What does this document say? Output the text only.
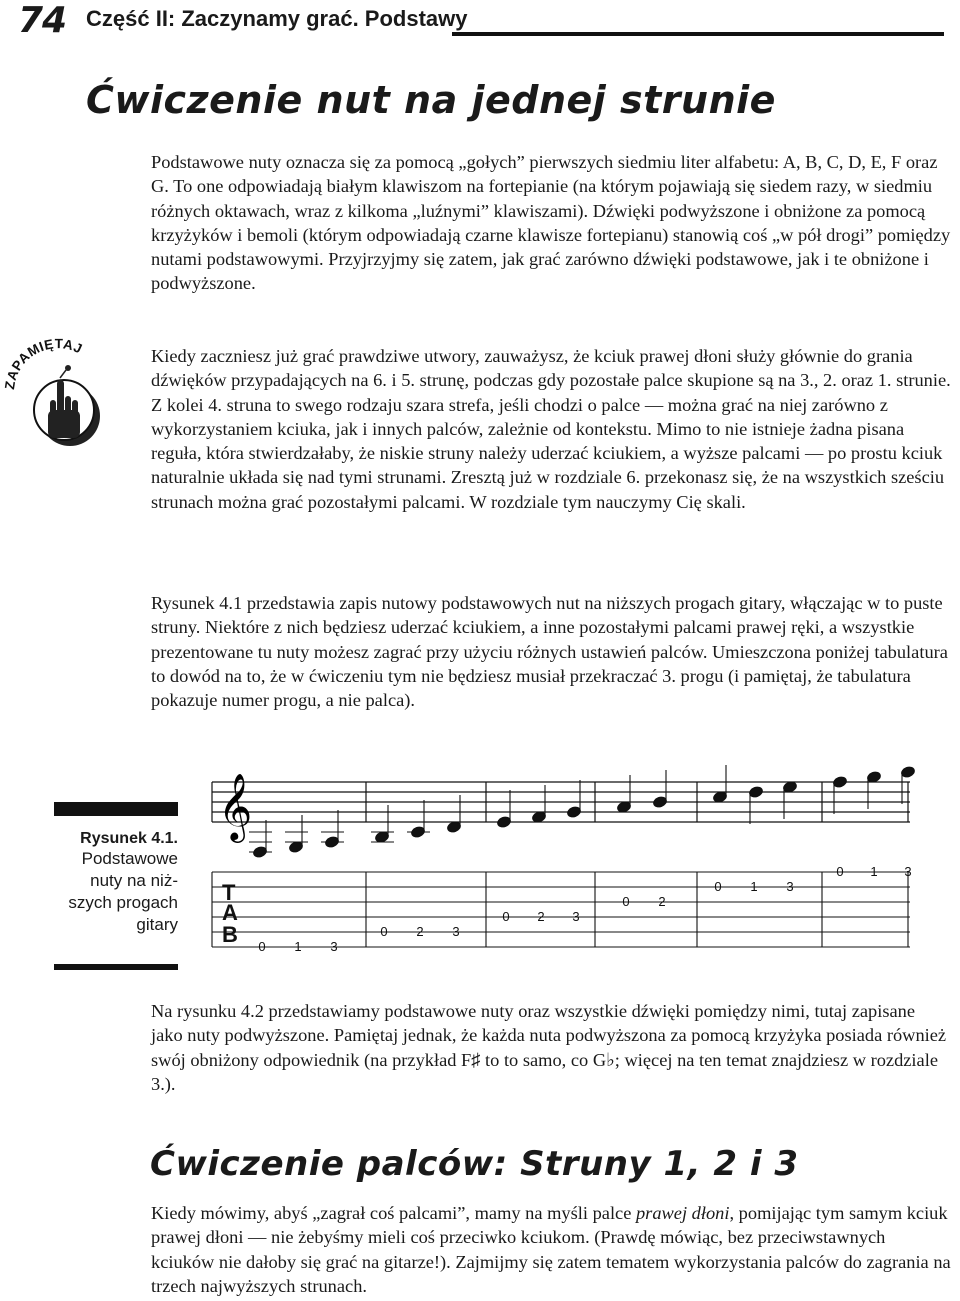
74 Część II: Zaczynamy grać. Podstawy
Ćwiczenie nut na jednej strunie

Podstawowe nuty oznacza się za pomocą „gołych” pierwszych siedmiu liter alfabetu: A, B, C, D, E, F oraz G. To one odpowiadają białym klawiszom na fortepianie (na którym pojawiają się siedem razy, w siedmiu różnych oktawach, wraz z kilkoma „luźnymi” klawiszami). Dźwięki podwyższone i obniżone za pomocą krzyżyków i bemoli (którym odpowiadają czarne klawisze fortepianu) stanowią coś „w pół drogi” pomiędzy nutami podstawowymi. Przyjrzyjmy się zatem, jak grać zarówno dźwięki podstawowe, jak i te obniżone i podwyższone.

ZAPAMIĘTAJ	Kiedy zaczniesz już grać prawdziwe utwory, zauważysz, że kciuk prawej dłoni służy głównie do grania dźwięków przypadających na 6. i 5. strunę, podczas gdy pozostałe palce skupione są na 3., 2. oraz 1. strunie. Z kolei 4. struna to swego rodzaju szara strefa, jeśli chodzi o palce — można grać na niej zarówno z wykorzystaniem kciuka, jak i innych palców, zależnie od kontekstu. Mimo to nie istnieje żadna pisana reguła, która stwierdzałaby, że niskie struny należy uderzać kciukiem, a wyższe palcami — po prostu kciuk naturalnie układa się nad tymi strunami. Zresztą już w rozdziale 6. przekonasz się, że na wszystkich sześciu strunach można grać pozostałymi palcami. W rozdziale tym nauczymy Cię skali.

Rysunek 4.1 przedstawia zapis nutowy podstawowych nut na niższych progach gitary, włączając w to puste struny. Niektóre z nich będziesz uderzać kciukiem, a inne pozostałymi palcami prawej ręki, a wszystkie prezentowane tu nuty możesz zagrać przy użyciu różnych ustawień palców. Umieszczona poniżej tabulatura to dowód na to, że w ćwiczeniu tym nie będziesz musiał przekraczać 3. progu (i pamiętaj, że tabulatura pokazuje numer progu, a nie palca).

Rysunek 4.1.
Podstawowe
nuty na niż-
szych progach
gitary
𝄞
T
A
B 0 1 3
0 2 3
0 2 3
0 2
0 1 3
0 1 3

Na rysunku 4.2 przedstawiamy podstawowe nuty oraz wszystkie dźwięki pomiędzy nimi, tutaj zapisane jako nuty podwyższone. Pamiętaj jednak, że każda nuta podwyższona za pomocą krzyżyka posiada również swój obniżony odpowiednik (na przykład F♯ to to samo, co G♭; więcej na ten temat znajdziesz w rozdziale 3.).

Ćwiczenie palców: Struny 1, 2 i 3

Kiedy mówimy, abyś „zagrał coś palcami”, mamy na myśli palce prawej dłoni, pomijając tym samym kciuk prawej dłoni — nie żebyśmy mieli coś przeciwko kciukom. (Prawdę mówiąc, bez przeciwstawnych kciuków nie dałoby się grać na gitarze!). Zajmijmy się zatem tematem wykorzystania palców do zagrania na trzech najwyższych strunach.
